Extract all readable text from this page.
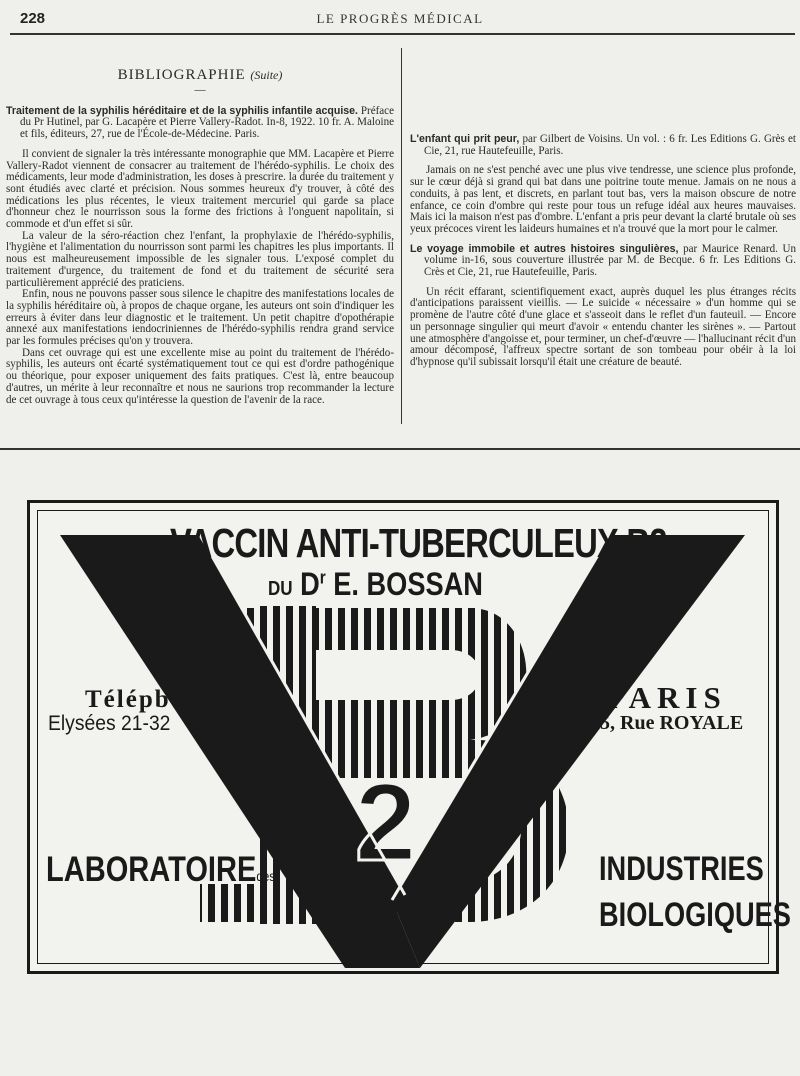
228	LE PROGRÈS MÉDICAL
BIBLIOGRAPHIE (Suite)
—

Traitement de la syphilis héréditaire et de la syphilis infantile acquise. Préface du Pr Hutinel, par G. Lacapère et Pierre Vallery-Radot. In-8, 1922. 10 fr. A. Maloine et fils, éditeurs, 27, rue de l'École-de-Médecine. Paris.

Il convient de signaler la très intéressante monographie que MM. Lacapère et Pierre Vallery-Radot viennent de consacrer au traitement de l'hérédo-syphilis. Le choix des médicaments, leur mode d'administration, les doses à prescrire. la durée du traitement y sont étudiés avec clarté et précision. Nous sommes heureux d'y trouver, à côté des médications les plus récentes, le vieux traitement mercuriel qui garde sa place d'honneur chez le nourrisson sous la forme des frictions à l'onguent napolitain, si commode et d'un effet si sûr.

La valeur de la séro-réaction chez l'enfant, la prophylaxie de l'hérédo-syphilis, l'hygiène et l'alimentation du nourrisson sont parmi les chapitres les plus importants. Il nous est malheureusement impossible de les signaler tous. L'exposé complet du traitement d'urgence, du traitement de fond et du traitement de sécurité sera particulièrement apprécié des praticiens.

Enfin, nous ne pouvons passer sous silence le chapitre des manifestations locales de la syphilis héréditaire où, à propos de chaque organe, les auteurs ont soin d'indiquer les erreurs à éviter dans leur diagnostic et le traitement. Un petit chapitre d'opothérapie annexé aux manifestations iendocriniennes de l'hérédo-syphilis rendra grand service par les formules précises qu'on y trouvera.

Dans cet ouvrage qui est une excellente mise au point du traitement de l'hérédo-syphilis, les auteurs ont écarté systématiquement tout ce qui est d'ordre pathogénique ou théorique, pour exposer uniquement des faits pratiques. C'est là, entre beaucoup d'autres, un mérite à leur reconnaître et nous ne saurions trop recommander la lecture de cet ouvrage à tous ceux qu'intéresse la question de l'avenir de la race.

L'enfant qui prit peur, par Gilbert de Voisins. Un vol. : 6 fr. Les Editions G. Grès et Cie, 21, rue Hautefeuille, Paris.

Jamais on ne s'est penché avec une plus vive tendresse, une science plus profonde, sur le cœur déjà si grand qui bat dans une poitrine toute menue. Jamais on ne nous a conduits, à pas lent, et discrets, en parlant tout bas, vers la maison obscure de notre enfance, ce coin d'ombre qui reste pour tous un refuge idéal aux heures mauvaises. Mais ici la maison n'est pas d'ombre. L'enfant a pris peur devant la clarté brutale où ses yeux précoces virent les laideurs humaines et n'a trouvé que la mort pour le calmer.

Le voyage immobile et autres histoires singulières, par Maurice Renard. Un volume in-16, sous couverture illustrée par M. de Becque. 6 fr. Les Editions G. Crès et Cie, 21, rue Hautefeuille, Paris.

Un récit effarant, scientifiquement exact, auprès duquel les plus étranges récits d'anticipations paraissent vieillis. — Le suicide « nécessaire » d'un homme qui se promène de l'autre côté d'une glace et s'asseoit dans le reflet d'un fauteuil. — Encore un personnage singulier qui meurt d'avoir « entendu chanter les sirènes ». — Partout une atmosphère d'angoisse et, pour terminer, un chef-d'œuvre — l'hallucinant récit d'un amour décomposé, l'affreux spectre sortant de son tombeau pour obéir à la loi d'hypnose qu'il subissait lorsqu'il était une créature de beauté.

2
VACCIN ANTI-TUBERCULEUX B2
DU $D^r$ E. BOSSAN
Télépb:
Elysées 21-32
PARIS
25, Rue ROYALE
LABORATOIREdes	INDUSTRIES
BIOLOGIQUES
